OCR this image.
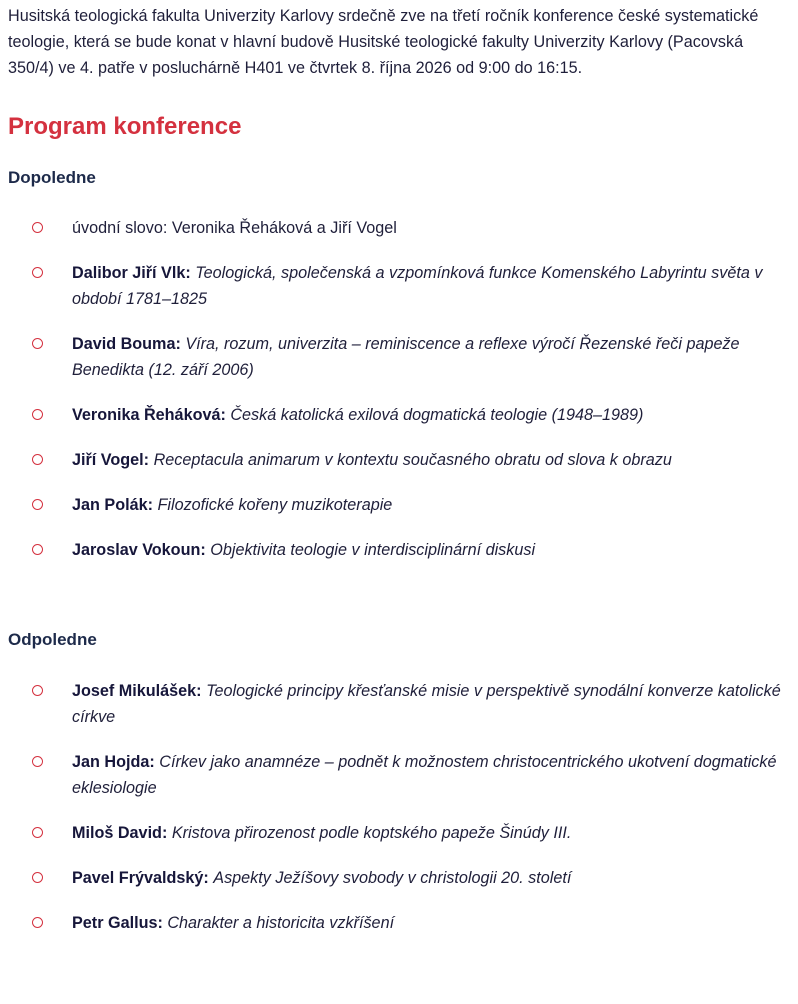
Husitská teologická fakulta Univerzity Karlovy srdečně zve na třetí ročník konference české systematické teologie, která se bude konat v hlavní budově Husitské teologické fakulty Univerzity Karlovy (Pacovská 350/4) ve 4. patře v posluchárně H401 ve čtvrtek 8. října 2026 od 9:00 do 16:15.

Program konference
Dopoledne
úvodní slovo: Veronika Řeháková a Jiří Vogel
Dalibor Jiří Vlk: Teologická, společenská a vzpomínková funkce Komenského Labyrintu světa v období 1781–1825
David Bouma: Víra, rozum, univerzita – reminiscence a reflexe výročí Řezenské řeči papeže Benedikta (12. září 2006)
Veronika Řeháková: Česká katolická exilová dogmatická teologie (1948–1989)
Jiří Vogel: Receptacula animarum v kontextu současného obratu od slova k obrazu
Jan Polák: Filozofické kořeny muzikoterapie
Jaroslav Vokoun: Objektivita teologie v interdisciplinární diskusi
Odpoledne
Josef Mikulášek: Teologické principy křesťanské misie v perspektivě synodální konverze katolické církve
Jan Hojda: Církev jako anamnéze – podnět k možnostem christocentrického ukotvení dogmatické eklesiologie
Miloš David: Kristova přirozenost podle koptského papeže Šinúdy III.
Pavel Frývaldský: Aspekty Ježíšovy svobody v christologii 20. století
Petr Gallus: Charakter a historicita vzkříšení
